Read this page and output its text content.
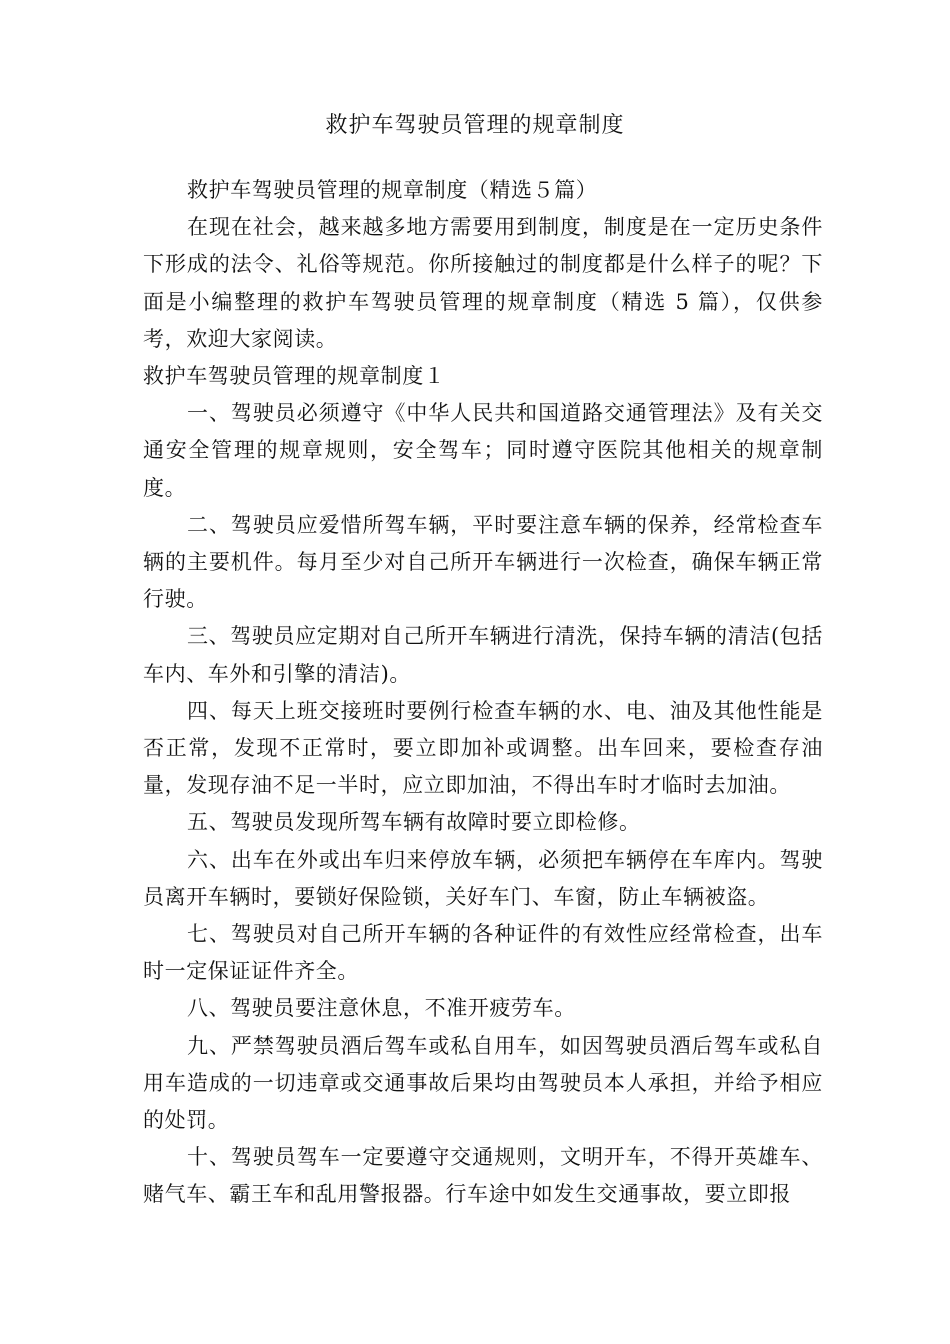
救护车驾驶员管理的规章制度

救护车驾驶员管理的规章制度（精选５篇）

在现在社会，越来越多地方需要用到制度，制度是在一定历史条件下形成的法令、礼俗等规范。你所接触过的制度都是什么样子的呢？下面是小编整理的救护车驾驶员管理的规章制度（精选 5 篇），仅供参考，欢迎大家阅读。

救护车驾驶员管理的规章制度１

一、驾驶员必须遵守《中华人民共和国道路交通管理法》及有关交通安全管理的规章规则，安全驾车；同时遵守医院其他相关的规章制度。

二、驾驶员应爱惜所驾车辆，平时要注意车辆的保养，经常检查车辆的主要机件。每月至少对自己所开车辆进行一次检查，确保车辆正常行驶。

三、驾驶员应定期对自己所开车辆进行清洗，保持车辆的清洁(包括车内、车外和引擎的清洁)。

四、每天上班交接班时要例行检查车辆的水、电、油及其他性能是否正常，发现不正常时，要立即加补或调整。出车回来，要检查存油量，发现存油不足一半时，应立即加油，不得出车时才临时去加油。

五、驾驶员发现所驾车辆有故障时要立即检修。

六、出车在外或出车归来停放车辆，必须把车辆停在车库内。驾驶员离开车辆时，要锁好保险锁，关好车门、车窗，防止车辆被盗。

七、驾驶员对自己所开车辆的各种证件的有效性应经常检查，出车时一定保证证件齐全。

八、驾驶员要注意休息，不准开疲劳车。

九、严禁驾驶员酒后驾车或私自用车，如因驾驶员酒后驾车或私自用车造成的一切违章或交通事故后果均由驾驶员本人承担，并给予相应的处罚。

十、驾驶员驾车一定要遵守交通规则，文明开车，不得开英雄车、赌气车、霸王车和乱用警报器。行车途中如发生交通事故，要立即报
